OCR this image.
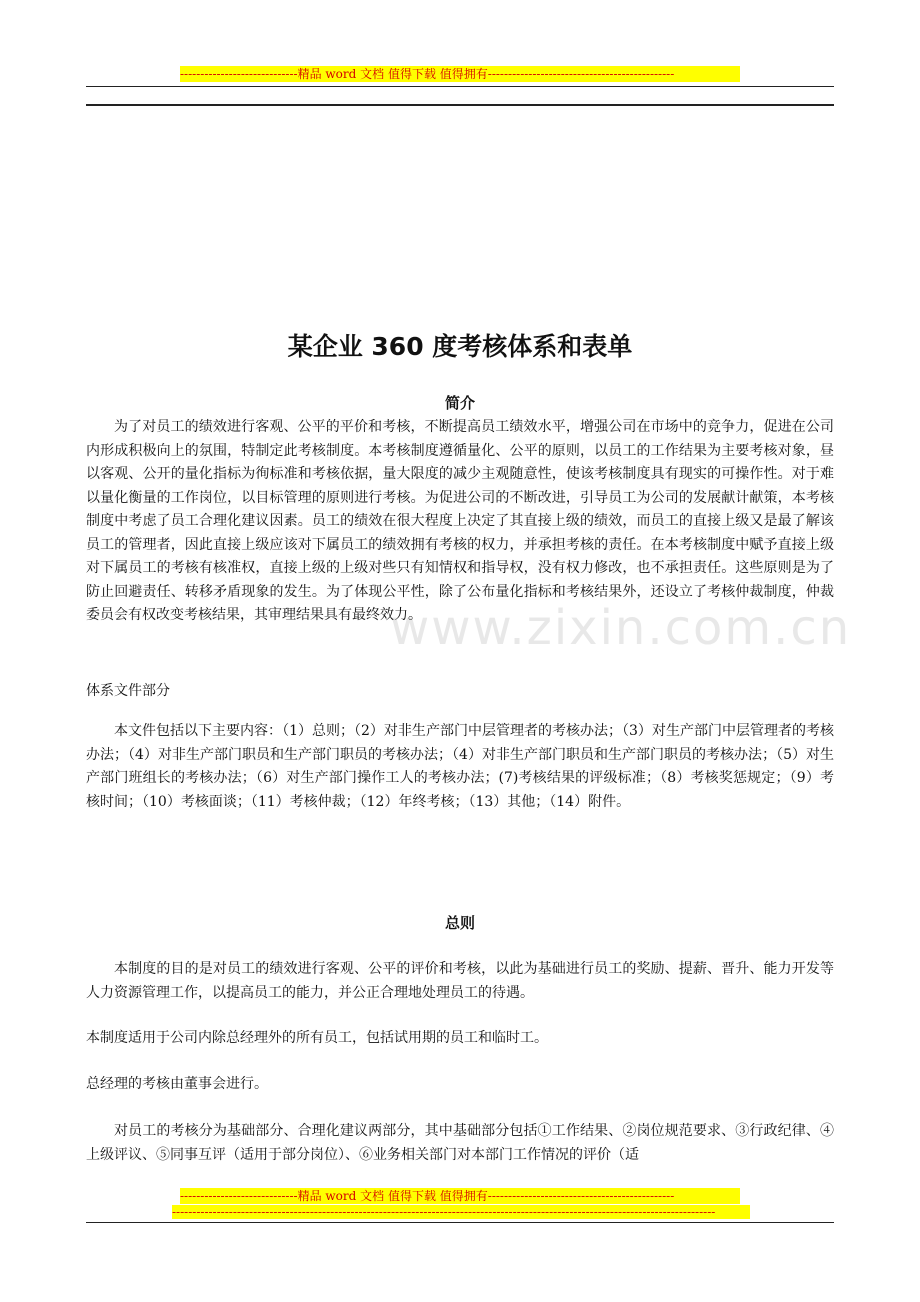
-----------------------------精品 word 文档 值得下载 值得拥有----------------------------------------------
www.zixin.com.cn
某企业 360 度考核体系和表单
简介
为了对员工的绩效进行客观、公平的平价和考核，不断提高员工绩效水平，增强公司在市场中的竞争力，促进在公司内形成积极向上的氛围，特制定此考核制度。本考核制度遵循量化、公平的原则，以员工的工作结果为主要考核对象，昼以客观、公开的量化指标为徇标准和考核依据，量大限度的减少主观随意性，使该考核制度具有现实的可操作性。对于难以量化衡量的工作岗位，以目标管理的原则进行考核。为促进公司的不断改进，引导员工为公司的发展献计献策，本考核制度中考虑了员工合理化建议因素。员工的绩效在很大程度上决定了其直接上级的绩效，而员工的直接上级又是最了解该员工的管理者，因此直接上级应该对下属员工的绩效拥有考核的权力，并承担考核的责任。在本考核制度中赋予直接上级对下属员工的考核有核准权，直接上级的上级对些只有知情权和指导权，没有权力修改，也不承担责任。这些原则是为了防止回避责任、转移矛盾现象的发生。为了体现公平性，除了公布量化指标和考核结果外，还设立了考核仲裁制度，仲裁委员会有权改变考核结果，其审理结果具有最终效力。
体系文件部分
本文件包括以下主要内容：（1）总则；（2）对非生产部门中层管理者的考核办法；（3）对生产部门中层管理者的考核办法；（4）对非生产部门职员和生产部门职员的考核办法；（4）对非生产部门职员和生产部门职员的考核办法；（5）对生产部门班组长的考核办法；（6）对生产部门操作工人的考核办法；(7)考核结果的评级标准；（8）考核奖惩规定；（9）考核时间；（10）考核面谈；（11）考核仲裁；（12）年终考核；（13）其他；（14）附件。
总则
本制度的目的是对员工的绩效进行客观、公平的评价和考核，以此为基础进行员工的奖励、提薪、晋升、能力开发等人力资源管理工作，以提高员工的能力，并公正合理地处理员工的待遇。
本制度适用于公司内除总经理外的所有员工，包括试用期的员工和临时工。
总经理的考核由董事会进行。
对员工的考核分为基础部分、合理化建议两部分，其中基础部分包括①工作结果、②岗位规范要求、③行政纪律、④上级评议、⑤同事互评（适用于部分岗位）、⑥业务相关部门对本部门工作情况的评价（适
-----------------------------精品 word 文档 值得下载 值得拥有----------------------------------------------
--------------------------------------------------------------------------------------------------------------------------------------
